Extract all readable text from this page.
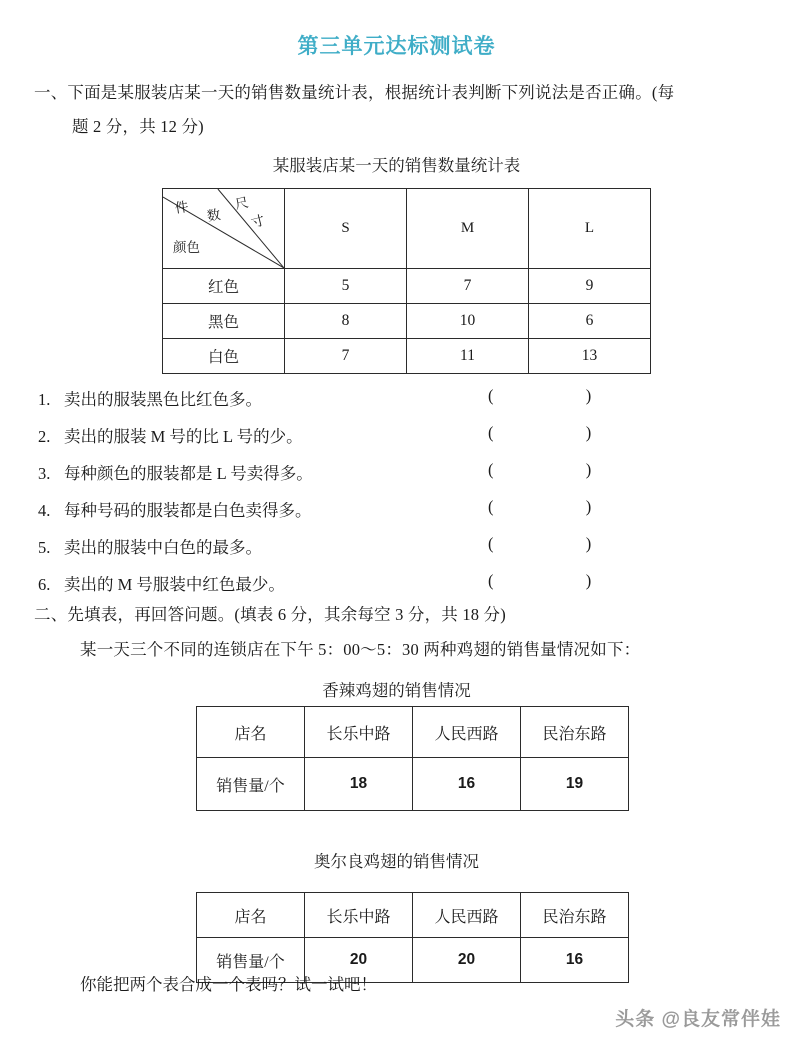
第三单元达标测试卷
一、下面是某服装店某一天的销售数量统计表，根据统计表判断下列说法是否正确。(每
题 2 分，共 12 分)
某服装店某一天的销售数量统计表
件 数
尺
寸
颜色	S	M	L
红色	5	7	9
黑色	8	10	6
白色	7	11	13
1. 卖出的服装黑色比红色多。	(  )
2. 卖出的服装 M 号的比 L 号的少。	(  )
3. 每种颜色的服装都是 L 号卖得多。	(  )
4. 每种号码的服装都是白色卖得多。	(  )
5. 卖出的服装中白色的最多。	(  )
6. 卖出的 M 号服装中红色最少。	(  )
二、先填表，再回答问题。(填表 6 分，其余每空 3 分，共 18 分)
某一天三个不同的连锁店在下午 5：00～5：30 两种鸡翅的销售量情况如下：
香辣鸡翅的销售情况
店名	长乐中路	人民西路	民治东路
销售量/个	18	16	19
奥尔良鸡翅的销售情况
店名	长乐中路	人民西路	民治东路
销售量/个	20	20	16
你能把两个表合成一个表吗？试一试吧！
头条 @良友常伴娃
